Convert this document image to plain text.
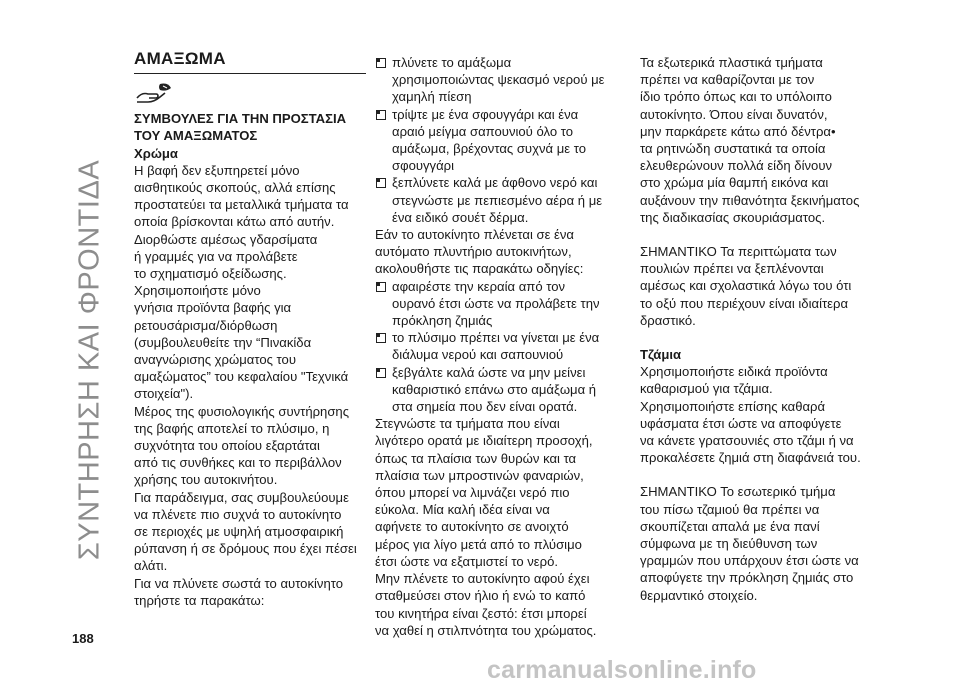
ΣΥΝΤΗΡΗΣΗ ΚΑΙ ΦΡΟΝΤΙΔΑ
ΑΜΑΞΩΜΑ

ΣΥΜΒΟΥΛΕΣ ΓΙΑ ΤΗΝ ΠΡΟΣΤΑΣΙΑ
ΤΟΥ ΑΜΑΞΩΜΑΤΟΣ

Χρώμα

Η βαφή δεν εξυπηρετεί μόνο
αισθητικούς σκοπούς, αλλά επίσης
προστατεύει τα μεταλλικά τμήματα τα
οποία βρίσκονται κάτω από αυτήν.

Διορθώστε αμέσως γδαρσίματα
ή γραμμές για να προλάβετε
το σχηματισμό οξείδωσης.
Χρησιμοποιήστε μόνο
γνήσια προϊόντα βαφής για
ρετουσάρισμα/διόρθωση
(συμβουλευθείτε την “Πινακίδα
αναγνώρισης χρώματος του
αμαξώματος” του κεφαλαίου "Τεχνικά
στοιχεία").

Μέρος της φυσιολογικής συντήρησης
της βαφής αποτελεί το πλύσιμο, η
συχνότητα του οποίου εξαρτάται
από τις συνθήκες και το περιβάλλον
χρήσης του αυτοκινήτου.

Για παράδειγμα, σας συμβουλεύουμε
να πλένετε πιο συχνά το αυτοκίνητο
σε περιοχές με υψηλή ατμοσφαιρική
ρύπανση ή σε δρόμους που έχει πέσει
αλάτι.

Για να πλύνετε σωστά το αυτοκίνητο
τηρήστε τα παρακάτω:

πλύνετε το αμάξωμα
χρησιμοποιώντας ψεκασμό νερού με
χαμηλή πίεση
τρίψτε με ένα σφουγγάρι και ένα
αραιό μείγμα σαπουνιού όλο το
αμάξωμα, βρέχοντας συχνά με το
σφουγγάρι
ξεπλύνετε καλά με άφθονο νερό και
στεγνώστε με πεπιεσμένο αέρα ή με
ένα ειδικό σουέτ δέρμα.

Εάν το αυτοκίνητο πλένεται σε ένα
αυτόματο πλυντήριο αυτοκινήτων,
ακολουθήστε τις παρακάτω οδηγίες:

αφαιρέστε την κεραία από τον
ουρανό έτσι ώστε να προλάβετε την
πρόκληση ζημιάς
το πλύσιμο πρέπει να γίνεται με ένα
διάλυμα νερού και σαπουνιού
ξεβγάλτε καλά ώστε να μην μείνει
καθαριστικό επάνω στο αμάξωμα ή
στα σημεία που δεν είναι ορατά.

Στεγνώστε τα τμήματα που είναι
λιγότερο ορατά με ιδιαίτερη προσοχή,
όπως τα πλαίσια των θυρών και τα
πλαίσια των μπροστινών φαναριών,
όπου μπορεί να λιμνάζει νερό πιο
εύκολα. Μία καλή ιδέα είναι να
αφήνετε το αυτοκίνητο σε ανοιχτό
μέρος για λίγο μετά από το πλύσιμο
έτσι ώστε να εξατμιστεί το νερό.

Μην πλένετε το αυτοκίνητο αφού έχει
σταθμεύσει στον ήλιο ή ενώ το καπό
του κινητήρα είναι ζεστό: έτσι μπορεί
να χαθεί η στιλπνότητα του χρώματος.

Τα εξωτερικά πλαστικά τμήματα
πρέπει να καθαρίζονται με τον
ίδιο τρόπο όπως και το υπόλοιπο
αυτοκίνητο. Όπου είναι δυνατόν,
μην παρκάρετε κάτω από δέντρα•
τα ρητινώδη συστατικά τα οποία
ελευθερώνουν πολλά είδη δίνουν
στο χρώμα μία θαμπή εικόνα και
αυξάνουν την πιθανότητα ξεκινήματος
της διαδικασίας σκουριάσματος.

ΣΗΜΑΝΤΙΚΟ Τα περιττώματα των
πουλιών πρέπει να ξεπλένονται
αμέσως και σχολαστικά λόγω του ότι
το οξύ που περιέχουν είναι ιδιαίτερα
δραστικό.

Τζάμια

Χρησιμοποιήστε ειδικά προϊόντα
καθαρισμού για τζάμια.
Χρησιμοποιήστε επίσης καθαρά
υφάσματα έτσι ώστε να αποφύγετε
να κάνετε γρατσουνιές στο τζάμι ή να
προκαλέσετε ζημιά στη διαφάνειά του.

ΣΗΜΑΝΤΙΚΟ Το εσωτερικό τμήμα
του πίσω τζαμιού θα πρέπει να
σκουπίζεται απαλά με ένα πανί
σύμφωνα με τη διεύθυνση των
γραμμών που υπάρχουν έτσι ώστε να
αποφύγετε την πρόκληση ζημιάς στο
θερμαντικό στοιχείο.

188
carmanualsonline.info
